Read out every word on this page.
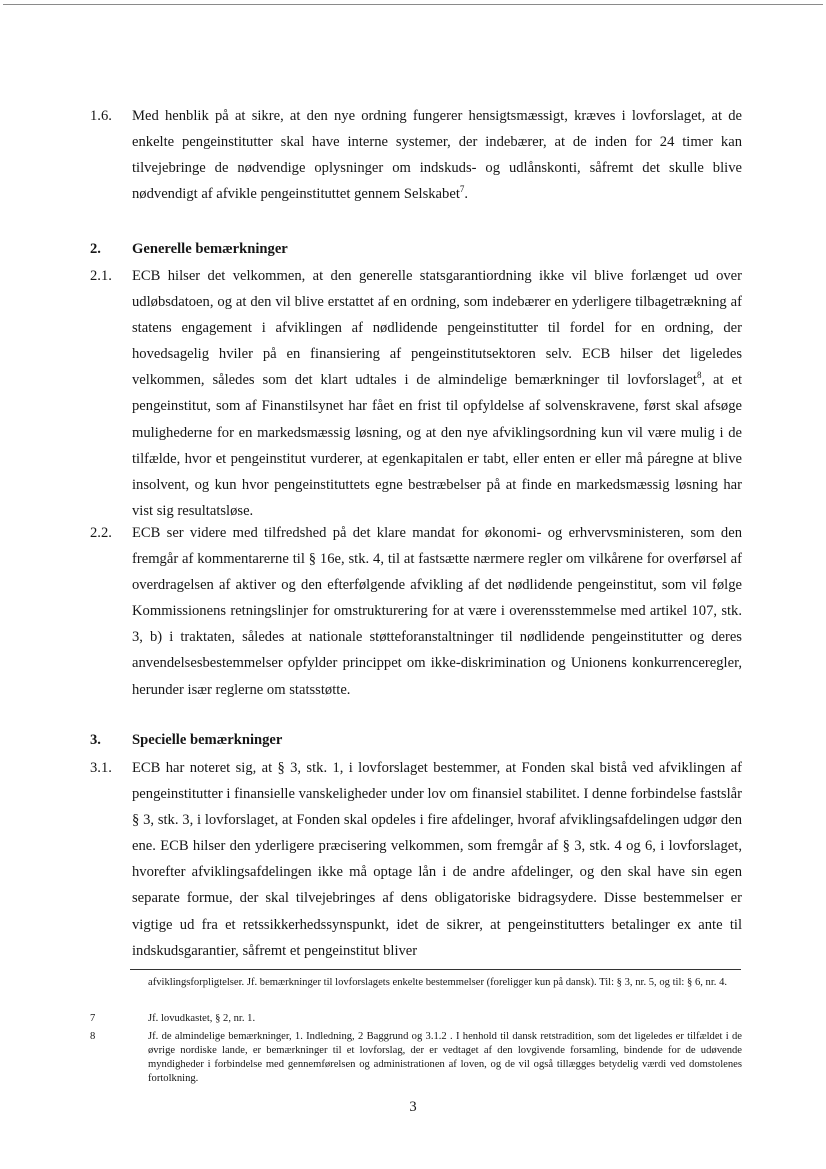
1.6.	Med henblik på at sikre, at den nye ordning fungerer hensigtsmæssigt, kræves i lovforslaget, at de enkelte pengeinstitutter skal have interne systemer, der indebærer, at de inden for 24 timer kan tilvejebringe de nødvendige oplysninger om indskuds- og udlånskonti, såfremt det skulle blive nødvendigt af afvikle pengeinstituttet gennem Selskabet$^7$.
2. Generelle bemærkninger
2.1.	ECB hilser det velkommen, at den generelle statsgarantiordning ikke vil blive forlænget ud over udløbsdatoen, og at den vil blive erstattet af en ordning, som indebærer en yderligere tilbagetrækning af statens engagement i afviklingen af nødlidende pengeinstitutter til fordel for en ordning, der hovedsagelig hviler på en finansiering af pengeinstitutsektoren selv. ECB hilser det ligeledes velkommen, således som det klart udtales i de almindelige bemærkninger til lovforslaget$^8$, at et pengeinstitut, som af Finanstilsynet har fået en frist til opfyldelse af solvenskravene, først skal afsøge mulighederne for en markedsmæssig løsning, og at den nye afviklingsordning kun vil være mulig i de tilfælde, hvor et pengeinstitut vurderer, at egenkapitalen er tabt, eller enten er eller må páregne at blive insolvent, og kun hvor pengeinstituttets egne bestræbelser på at finde en markedsmæssig løsning har vist sig resultatsløse.
2.2.	ECB ser videre med tilfredshed på det klare mandat for økonomi- og erhvervsministeren, som den fremgår af kommentarerne til § 16e, stk. 4, til at fastsætte nærmere regler om vilkårene for overførsel af overdragelsen af aktiver og den efterfølgende afvikling af det nødlidende pengeinstitut, som vil følge Kommissionens retningslinjer for omstrukturering for at være i overensstemmelse med artikel 107, stk. 3, b) i traktaten, således at nationale støtteforanstaltninger til nødlidende pengeinstitutter og deres anvendelsesbestemmelser opfylder princippet om ikke-diskrimination og Unionens konkurrenceregler, herunder især reglerne om statsstøtte.
3. Specielle bemærkninger
3.1.	ECB har noteret sig, at § 3, stk. 1, i lovforslaget bestemmer, at Fonden skal bistå ved afviklingen af pengeinstitutter i finansielle vanskeligheder under lov om finansiel stabilitet. I denne forbindelse fastslår § 3, stk. 3, i lovforslaget, at Fonden skal opdeles i fire afdelinger, hvoraf afviklingsafdelingen udgør den ene. ECB hilser den yderligere præcisering velkommen, som fremgår af § 3, stk. 4 og 6, i lovforslaget, hvorefter afviklingsafdelingen ikke må optage lån i de andre afdelinger, og den skal have sin egen separate formue, der skal tilvejebringes af dens obligatoriske bidragsydere. Disse bestemmelser er vigtige ud fra et retssikkerhedssynspunkt, idet de sikrer, at pengeinstitutters betalinger ex ante til indskudsgarantier, såfremt et pengeinstitut bliver
afviklingsforpligtelser. Jf. bemærkninger til lovforslagets enkelte bestemmelser (foreligger kun på dansk). Til: § 3, nr. 5, og til: § 6, nr. 4.
7	Jf. lovudkastet, § 2, nr. 1.
8	Jf. de almindelige bemærkninger, 1. Indledning, 2 Baggrund og 3.1.2 . I henhold til dansk retstradition, som det ligeledes er tilfældet i de øvrige nordiske lande, er bemærkninger til et lovforslag, der er vedtaget af den lovgivende forsamling, bindende for de udøvende myndigheder i forbindelse med gennemførelsen og administrationen af loven, og de vil også tillægges betydelig værdi ved domstolenes fortolkning.
3
